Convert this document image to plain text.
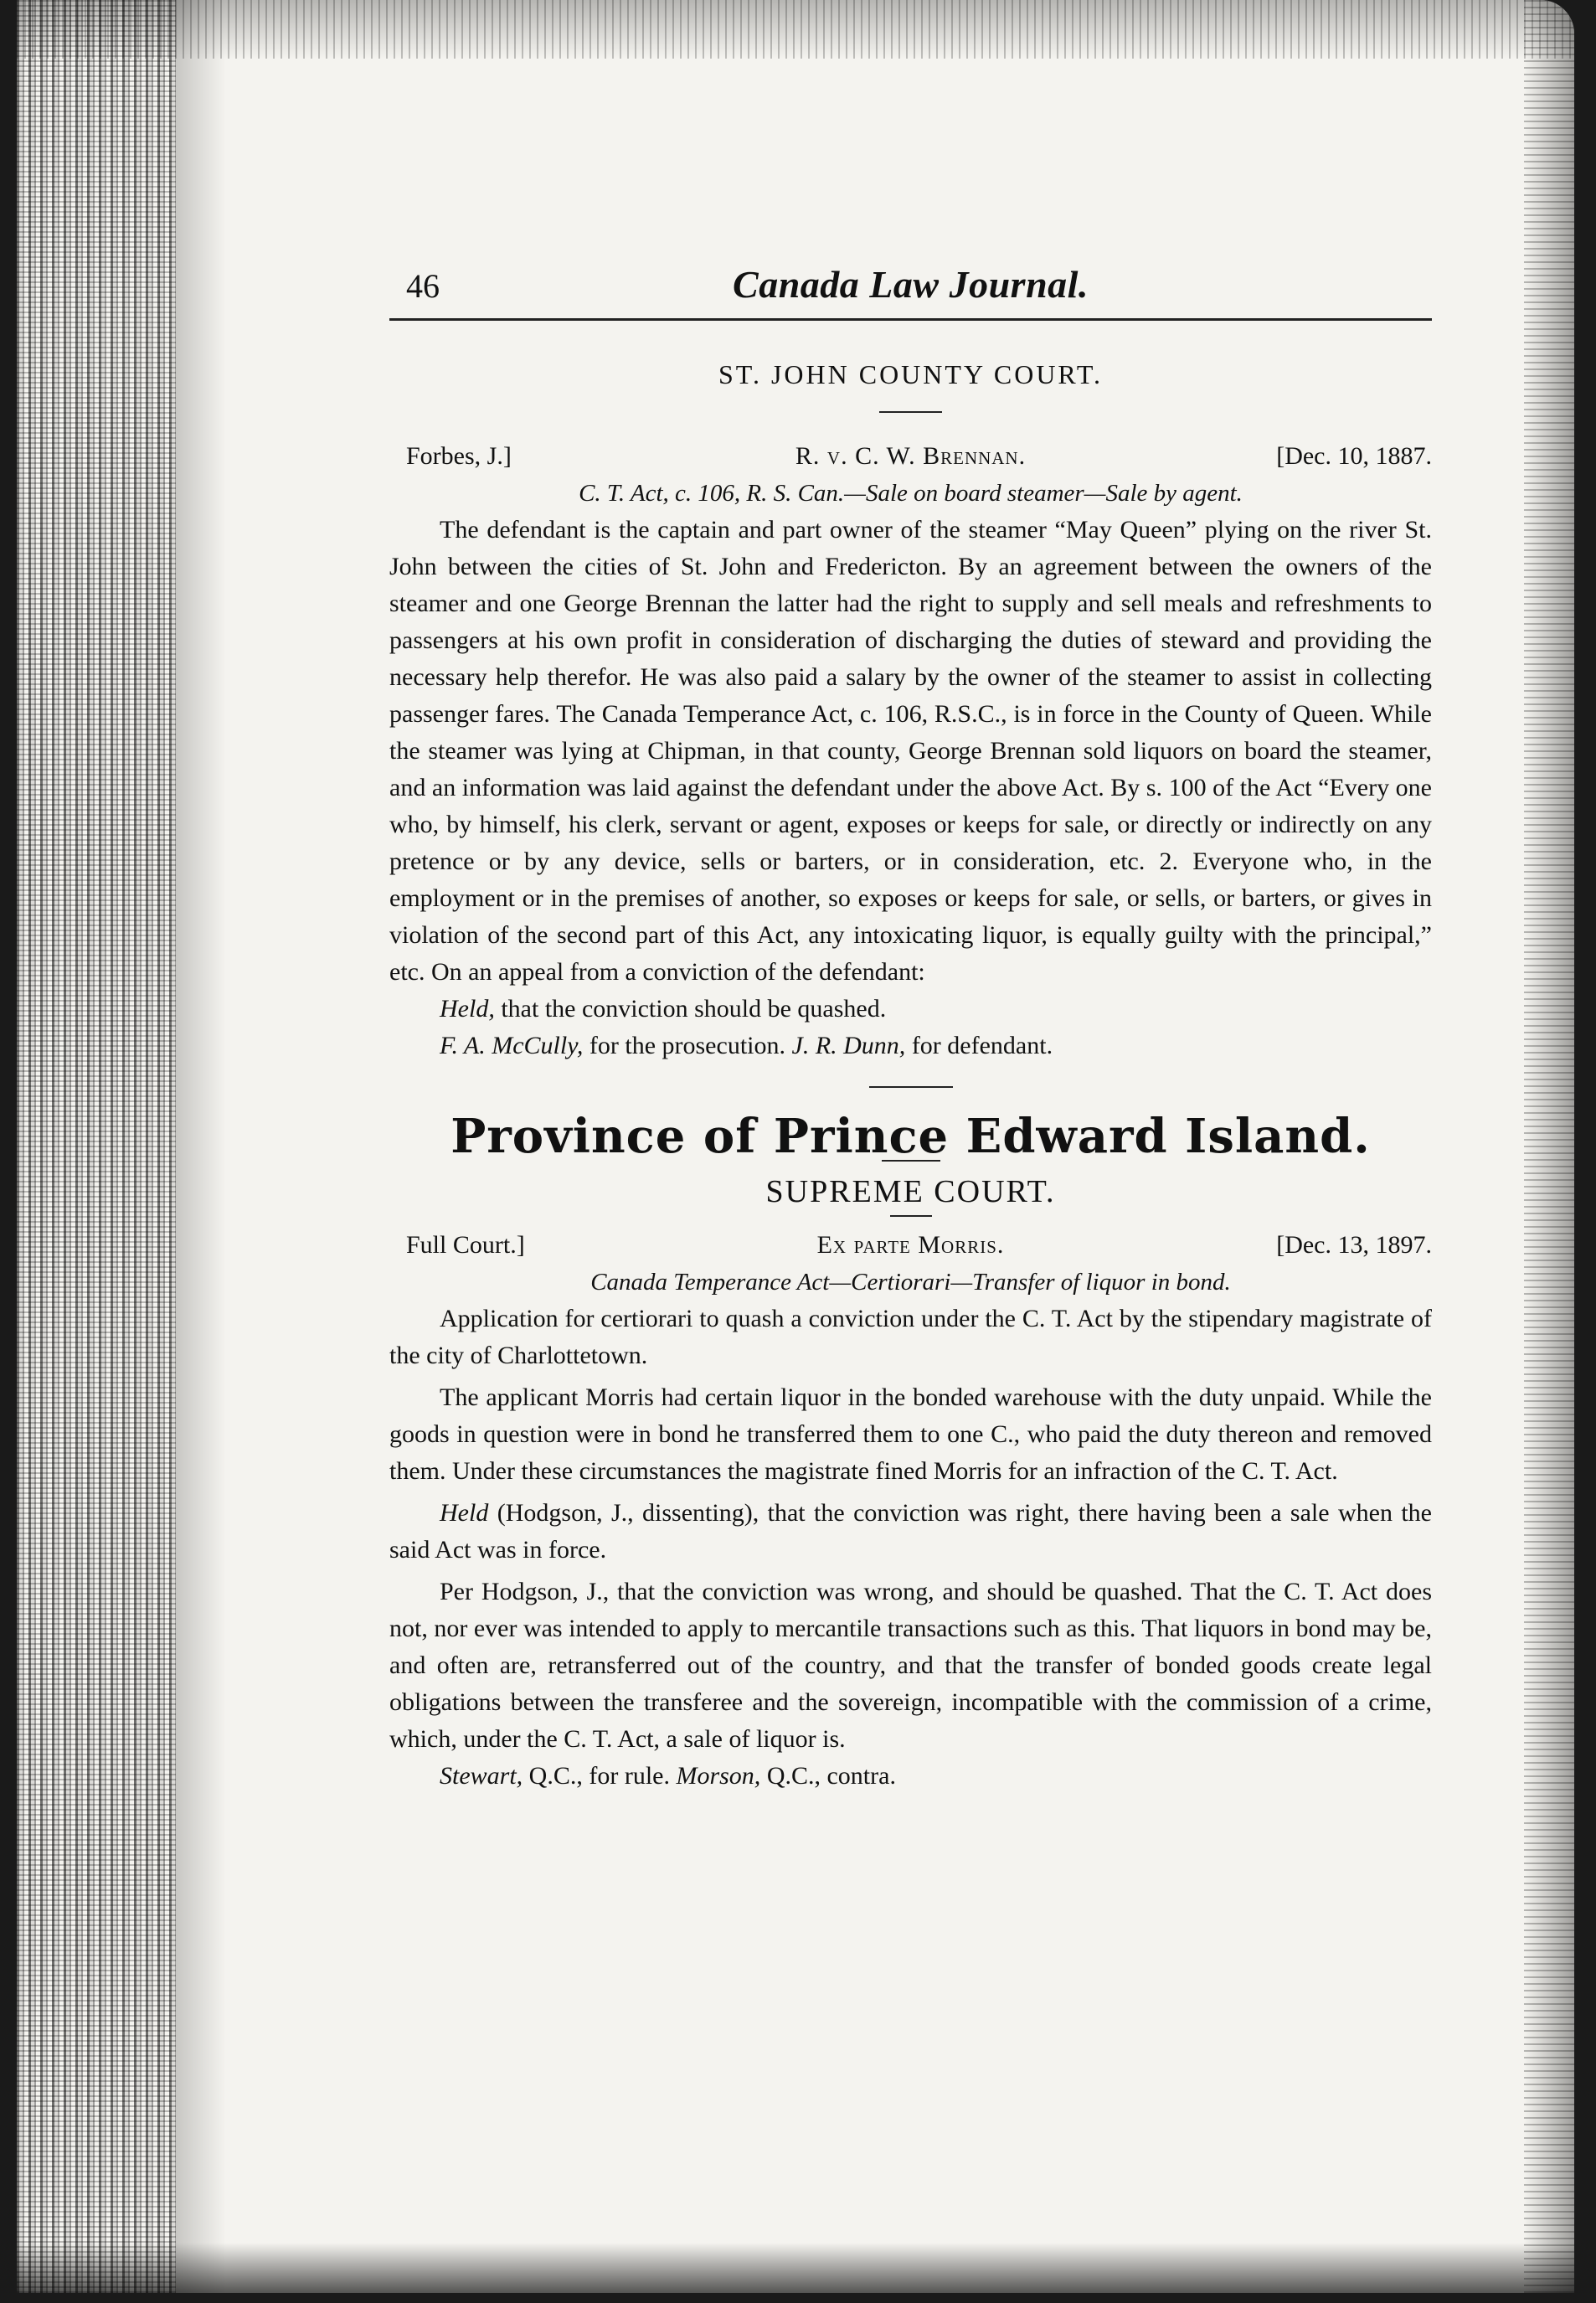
46	Canada Law Journal.
ST. JOHN COUNTY COURT.
Forbes, J.]	R. v. C. W. Brennan.	[Dec. 10, 1887.
C. T. Act, c. 106, R. S. Can.—Sale on board steamer—Sale by agent.

The defendant is the captain and part owner of the steamer “May Queen” plying on the river St. John between the cities of St. John and Fredericton. By an agreement between the owners of the steamer and one George Brennan the latter had the right to supply and sell meals and refreshments to passengers at his own profit in consideration of discharging the duties of steward and providing the necessary help therefor. He was also paid a salary by the owner of the steamer to assist in collecting passenger fares. The Canada Temperance Act, c. 106, R.S.C., is in force in the County of Queen. While the steamer was lying at Chipman, in that county, George Brennan sold liquors on board the steamer, and an information was laid against the defendant under the above Act. By s. 100 of the Act “Every one who, by himself, his clerk, servant or agent, exposes or keeps for sale, or directly or indirectly on any pretence or by any device, sells or barters, or in consideration, etc. 2. Everyone who, in the employment or in the premises of another, so exposes or keeps for sale, or sells, or barters, or gives in violation of the second part of this Act, any intoxicating liquor, is equally guilty with the principal,” etc. On an appeal from a conviction of the defendant:

Held, that the conviction should be quashed.

F. A. McCully, for the prosecution. J. R. Dunn, for defendant.

Province of Prince Edward Island.
SUPREME COURT.
Full Court.]	Ex parte Morris.	[Dec. 13, 1897.
Canada Temperance Act—Certiorari—Transfer of liquor in bond.

Application for certiorari to quash a conviction under the C. T. Act by the stipendary magistrate of the city of Charlottetown.

The applicant Morris had certain liquor in the bonded warehouse with the duty unpaid. While the goods in question were in bond he transferred them to one C., who paid the duty thereon and removed them. Under these circumstances the magistrate fined Morris for an infraction of the C. T. Act.

Held (Hodgson, J., dissenting), that the conviction was right, there having been a sale when the said Act was in force.

Per Hodgson, J., that the conviction was wrong, and should be quashed. That the C. T. Act does not, nor ever was intended to apply to mercantile transactions such as this. That liquors in bond may be, and often are, retransferred out of the country, and that the transfer of bonded goods create legal obligations between the transferee and the sovereign, incompatible with the commission of a crime, which, under the C. T. Act, a sale of liquor is.

Stewart, Q.C., for rule. Morson, Q.C., contra.
